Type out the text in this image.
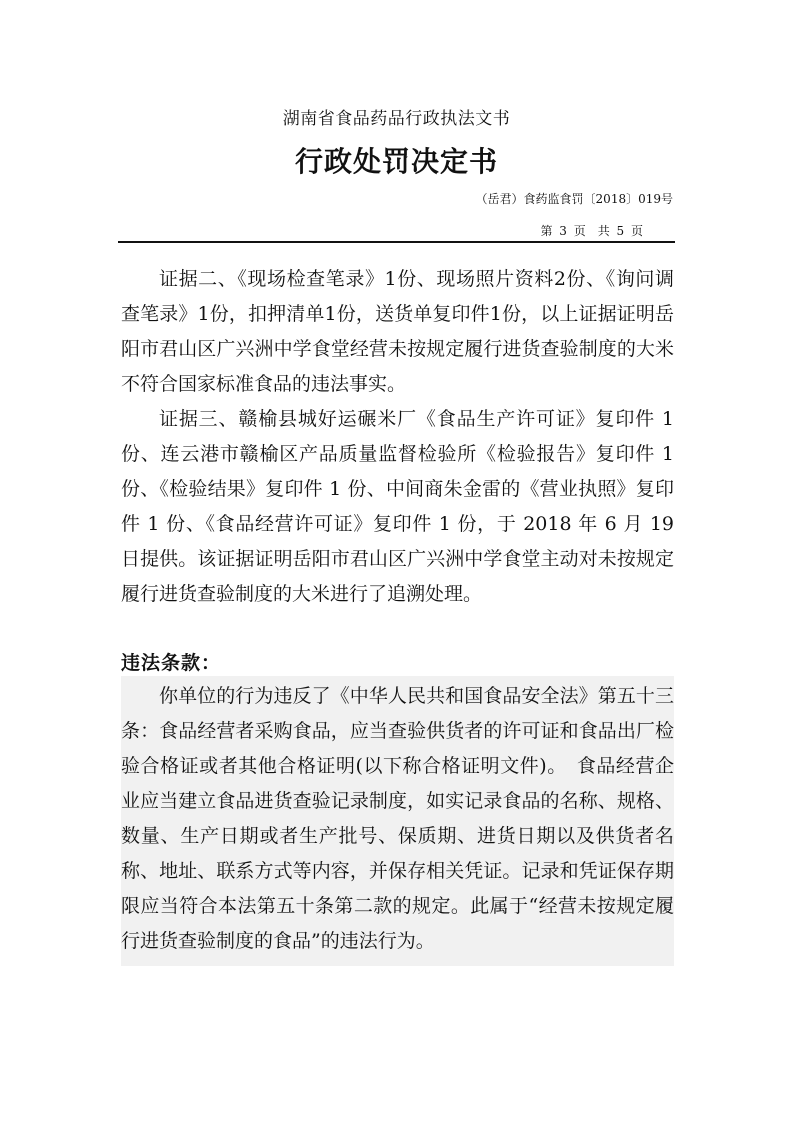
湖南省食品药品行政执法文书
行政处罚决定书
（岳君）食药监食罚〔2018〕019号
第 3 页　共 5 页

证据二、《现场检查笔录》1份、现场照片资料2份、《询问调查笔录》1份，扣押清单1份，送货单复印件1份，以上证据证明岳阳市君山区广兴洲中学食堂经营未按规定履行进货查验制度的大米不符合国家标准食品的违法事实。

证据三、赣榆县城好运碾米厂《食品生产许可证》复印件 1 份、连云港市赣榆区产品质量监督检验所《检验报告》复印件 1 份、《检验结果》复印件 1 份、中间商朱金雷的《营业执照》复印件 1 份、《食品经营许可证》复印件 1 份，于 2018 年 6 月 19 日提供。该证据证明岳阳市君山区广兴洲中学食堂主动对未按规定履行进货查验制度的大米进行了追溯处理。

违法条款：

你单位的行为违反了《中华人民共和国食品安全法》第五十三条：食品经营者采购食品，应当查验供货者的许可证和食品出厂检验合格证或者其他合格证明(以下称合格证明文件)。　食品经营企业应当建立食品进货查验记录制度，如实记录食品的名称、规格、数量、生产日期或者生产批号、保质期、进货日期以及供货者名称、地址、联系方式等内容，并保存相关凭证。记录和凭证保存期限应当符合本法第五十条第二款的规定。此属于“经营未按规定履行进货查验制度的食品”的违法行为。
